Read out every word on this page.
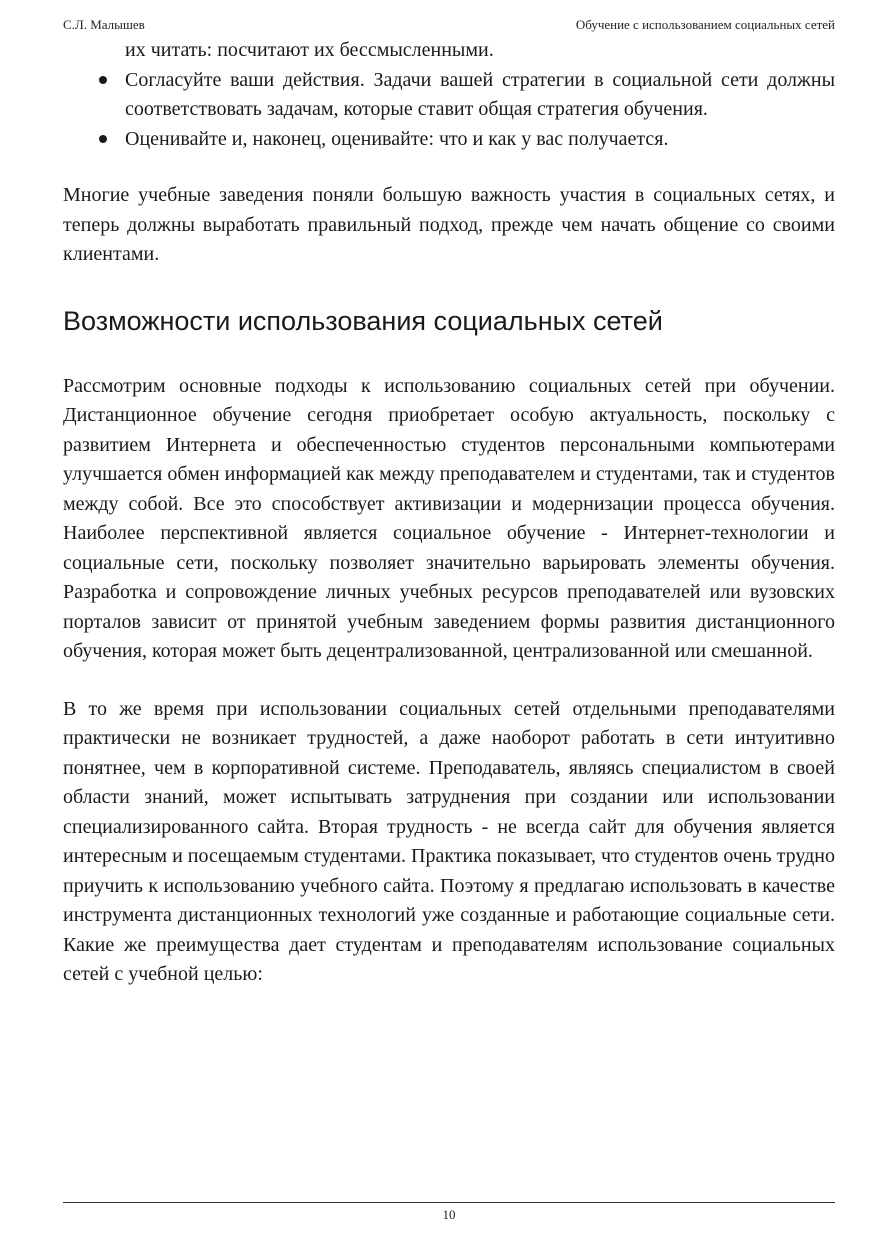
С.Л. Малышев	Обучение с использованием социальных сетей
их читать: посчитают их бессмысленными.
Согласуйте ваши действия. Задачи вашей стратегии в социальной сети должны соответствовать задачам, которые ставит общая стратегия обучения.
Оценивайте и, наконец, оценивайте: что и как у вас получается.

Многие учебные заведения поняли большую важность участия в социальных сетях, и теперь должны выработать правильный подход, прежде чем начать общение со своими клиентами.

Возможности использования социальных сетей

Рассмотрим основные подходы к использованию социальных сетей при обучении. Дистанционное обучение сегодня приобретает особую актуальность, поскольку с развитием Интернета и обеспеченностью студентов персональными компьютерами улучшается обмен информацией как между преподавателем и студентами, так и студентов между собой. Все это способствует активизации и модернизации процесса обучения. Наиболее перспективной является социальное обучение - Интернет-технологии и социальные сети, поскольку позволяет значительно варьировать элементы обучения. Разработка и сопровождение личных учебных ресурсов преподавателей или вузовских порталов зависит от принятой учебным заведением формы развития дистанционного обучения, которая может быть децентрализованной, централизованной или смешанной.

В то же время при использовании социальных сетей отдельными преподавателями практически не возникает трудностей, а даже наоборот работать в сети интуитивно понятнее, чем в корпоративной системе. Преподаватель, являясь специалистом в своей области знаний, может испытывать затруднения при создании или использовании специализированного сайта. Вторая трудность - не всегда сайт для обучения является интересным и посещаемым студентами. Практика показывает, что студентов очень трудно приучить к использованию учебного сайта. Поэтому я предлагаю использовать в качестве инструмента дистанционных технологий уже созданные и работающие социальные сети. Какие же преимущества дает студентам и преподавателям использование социальных сетей с учебной целью:

10
